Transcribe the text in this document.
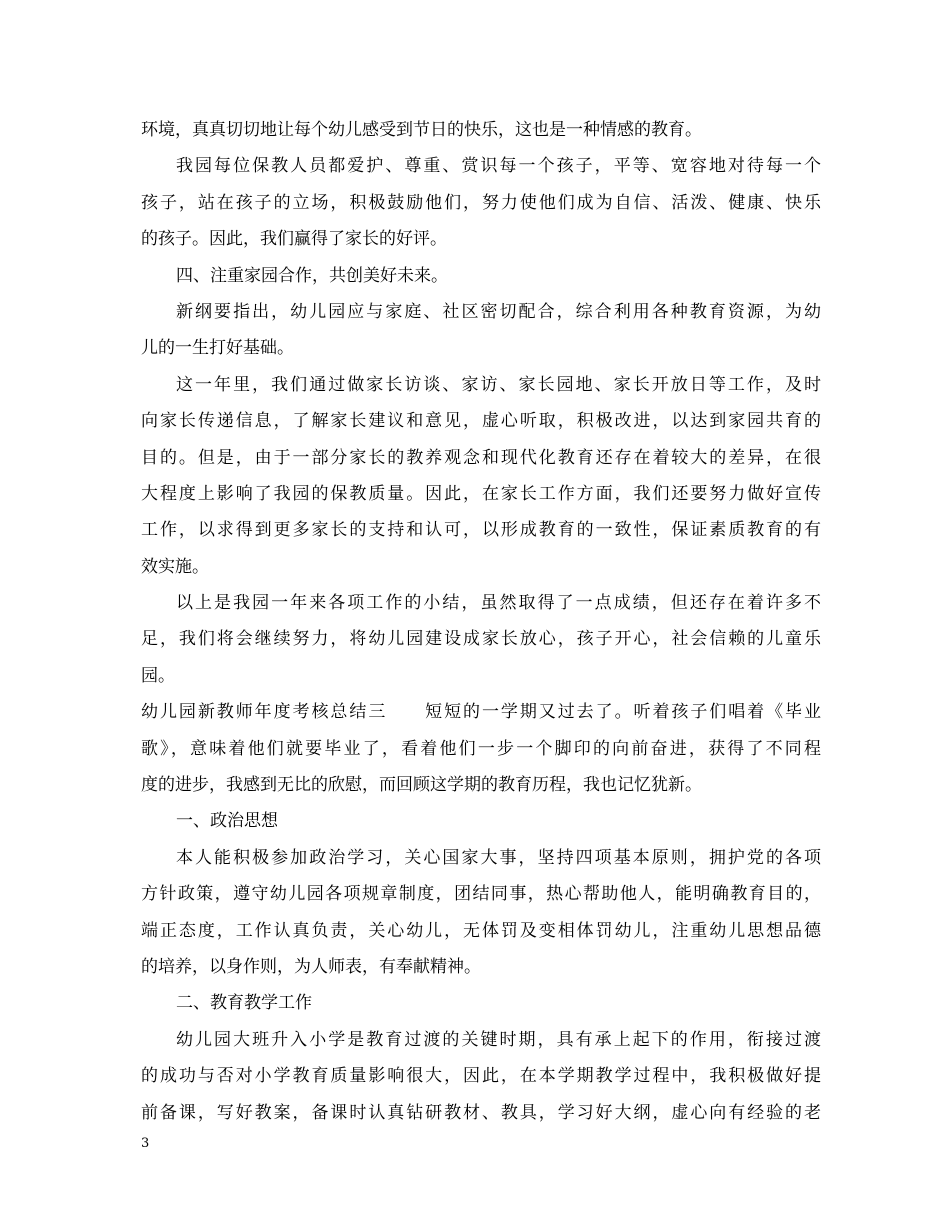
环境，真真切切地让每个幼儿感受到节日的快乐，这也是一种情感的教育。
我园每位保教人员都爱护、尊重、赏识每一个孩子，平等、宽容地对待每一个
孩子，站在孩子的立场，积极鼓励他们，努力使他们成为自信、活泼、健康、快乐
的孩子。因此，我们赢得了家长的好评。
四、注重家园合作，共创美好未来。
新纲要指出，幼儿园应与家庭、社区密切配合，综合利用各种教育资源，为幼
儿的一生打好基础。
这一年里，我们通过做家长访谈、家访、家长园地、家长开放日等工作，及时
向家长传递信息，了解家长建议和意见，虚心听取，积极改进，以达到家园共育的
目的。但是，由于一部分家长的教养观念和现代化教育还存在着较大的差异，在很
大程度上影响了我园的保教质量。因此，在家长工作方面，我们还要努力做好宣传
工作，以求得到更多家长的支持和认可，以形成教育的一致性，保证素质教育的有
效实施。
以上是我园一年来各项工作的小结，虽然取得了一点成绩，但还存在着许多不
足，我们将会继续努力，将幼儿园建设成家长放心，孩子开心，社会信赖的儿童乐
园。
幼儿园新教师年度考核总结三　　短短的一学期又过去了。听着孩子们唱着《毕业
歌》，意味着他们就要毕业了，看着他们一步一个脚印的向前奋进，获得了不同程
度的进步，我感到无比的欣慰，而回顾这学期的教育历程，我也记忆犹新。
一、政治思想
本人能积极参加政治学习，关心国家大事，坚持四项基本原则，拥护党的各项
方针政策，遵守幼儿园各项规章制度，团结同事，热心帮助他人，能明确教育目的，
端正态度，工作认真负责，关心幼儿，无体罚及变相体罚幼儿，注重幼儿思想品德
的培养，以身作则，为人师表，有奉献精神。
二、教育教学工作
幼儿园大班升入小学是教育过渡的关键时期，具有承上起下的作用，衔接过渡
的成功与否对小学教育质量影响很大，因此，在本学期教学过程中，我积极做好提
前备课，写好教案，备课时认真钻研教材、教具，学习好大纲，虚心向有经验的老
3
